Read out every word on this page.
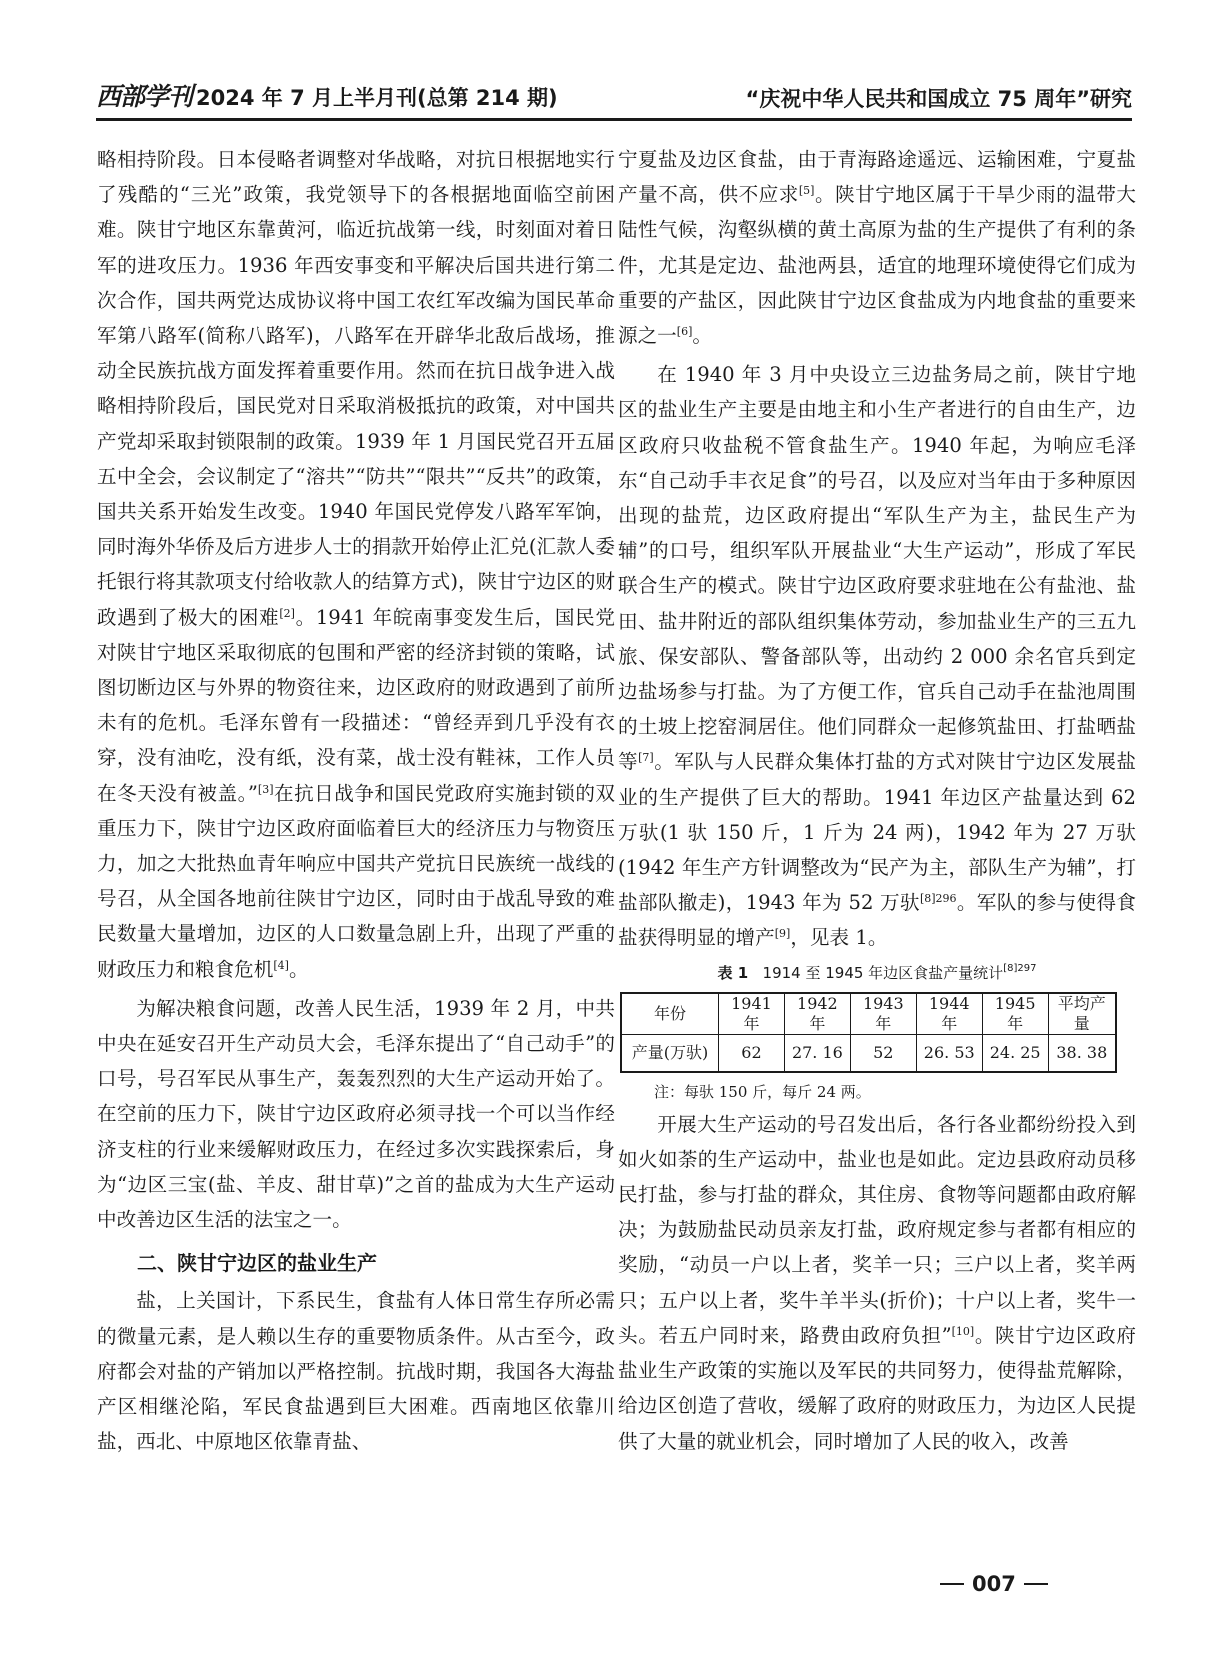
西部学刊 2024 年 7 月上半月刊(总第 214 期)	“庆祝中华人民共和国成立 75 周年”研究

略相持阶段。日本侵略者调整对华战略，对抗日根据地实行了残酷的“三光”政策，我党领导下的各根据地面临空前困难。陕甘宁地区东靠黄河，临近抗战第一线，时刻面对着日军的进攻压力。1936 年西安事变和平解决后国共进行第二次合作，国共两党达成协议将中国工农红军改编为国民革命军第八路军(简称八路军)，八路军在开辟华北敌后战场，推动全民族抗战方面发挥着重要作用。然而在抗日战争进入战略相持阶段后，国民党对日采取消极抵抗的政策，对中国共产党却采取封锁限制的政策。1939 年 1 月国民党召开五届五中全会，会议制定了“溶共”“防共”“限共”“反共”的政策，国共关系开始发生改变。1940 年国民党停发八路军军饷，同时海外华侨及后方进步人士的捐款开始停止汇兑(汇款人委托银行将其款项支付给收款人的结算方式)，陕甘宁边区的财政遇到了极大的困难[2]。1941 年皖南事变发生后，国民党对陕甘宁地区采取彻底的包围和严密的经济封锁的策略，试图切断边区与外界的物资往来，边区政府的财政遇到了前所未有的危机。毛泽东曾有一段描述：“曾经弄到几乎没有衣穿，没有油吃，没有纸，没有菜，战士没有鞋袜，工作人员在冬天没有被盖。”[3]在抗日战争和国民党政府实施封锁的双重压力下，陕甘宁边区政府面临着巨大的经济压力与物资压力，加之大批热血青年响应中国共产党抗日民族统一战线的号召，从全国各地前往陕甘宁边区，同时由于战乱导致的难民数量大量增加，边区的人口数量急剧上升，出现了严重的财政压力和粮食危机[4]。

为解决粮食问题，改善人民生活，1939 年 2 月，中共中央在延安召开生产动员大会，毛泽东提出了“自己动手”的口号，号召军民从事生产，轰轰烈烈的大生产运动开始了。在空前的压力下，陕甘宁边区政府必须寻找一个可以当作经济支柱的行业来缓解财政压力，在经过多次实践探索后，身为“边区三宝(盐、羊皮、甜甘草)”之首的盐成为大生产运动中改善边区生活的法宝之一。

二、陕甘宁边区的盐业生产

盐，上关国计，下系民生，食盐有人体日常生存所必需的微量元素，是人赖以生存的重要物质条件。从古至今，政府都会对盐的产销加以严格控制。抗战时期，我国各大海盐产区相继沦陷，军民食盐遇到巨大困难。西南地区依靠川盐，西北、中原地区依靠青盐、

宁夏盐及边区食盐，由于青海路途遥远、运输困难，宁夏盐产量不高，供不应求[5]。陕甘宁地区属于干旱少雨的温带大陆性气候，沟壑纵横的黄土高原为盐的生产提供了有利的条件，尤其是定边、盐池两县，适宜的地理环境使得它们成为重要的产盐区，因此陕甘宁边区食盐成为内地食盐的重要来源之一[6]。

在 1940 年 3 月中央设立三边盐务局之前，陕甘宁地区的盐业生产主要是由地主和小生产者进行的自由生产，边区政府只收盐税不管食盐生产。1940 年起，为响应毛泽东“自己动手丰衣足食”的号召，以及应对当年由于多种原因出现的盐荒，边区政府提出“军队生产为主，盐民生产为辅”的口号，组织军队开展盐业“大生产运动”，形成了军民联合生产的模式。陕甘宁边区政府要求驻地在公有盐池、盐田、盐井附近的部队组织集体劳动，参加盐业生产的三五九旅、保安部队、警备部队等，出动约 2 000 余名官兵到定边盐场参与打盐。为了方便工作，官兵自己动手在盐池周围的土坡上挖窑洞居住。他们同群众一起修筑盐田、打盐晒盐等[7]。军队与人民群众集体打盐的方式对陕甘宁边区发展盐业的生产提供了巨大的帮助。1941 年边区产盐量达到 62 万驮(1 驮 150 斤，1 斤为 24 两)，1942 年为 27 万驮(1942 年生产方针调整改为“民产为主，部队生产为辅”，打盐部队撤走)，1943 年为 52 万驮$^{[8]296}$。军队的参与使得食盐获得明显的增产[9]，见表 1。

表 1 1914 至 1945 年边区食盐产量统计$^{[8]297}$
年份	1941 年	1942 年	1943 年	1944 年	1945 年	平均产量
产量(万驮)	62	27. 16	52	26. 53	24. 25	38. 38
注：每驮 150 斤，每斤 24 两。

开展大生产运动的号召发出后，各行各业都纷纷投入到如火如荼的生产运动中，盐业也是如此。定边县政府动员移民打盐，参与打盐的群众，其住房、食物等问题都由政府解决；为鼓励盐民动员亲友打盐，政府规定参与者都有相应的奖励，“动员一户以上者，奖羊一只；三户以上者，奖羊两只；五户以上者，奖牛羊半头(折价)；十户以上者，奖牛一头。若五户同时来，路费由政府负担”[10]。陕甘宁边区政府盐业生产政策的实施以及军民的共同努力，使得盐荒解除，给边区创造了营收，缓解了政府的财政压力，为边区人民提供了大量的就业机会，同时增加了人民的收入，改善

007
